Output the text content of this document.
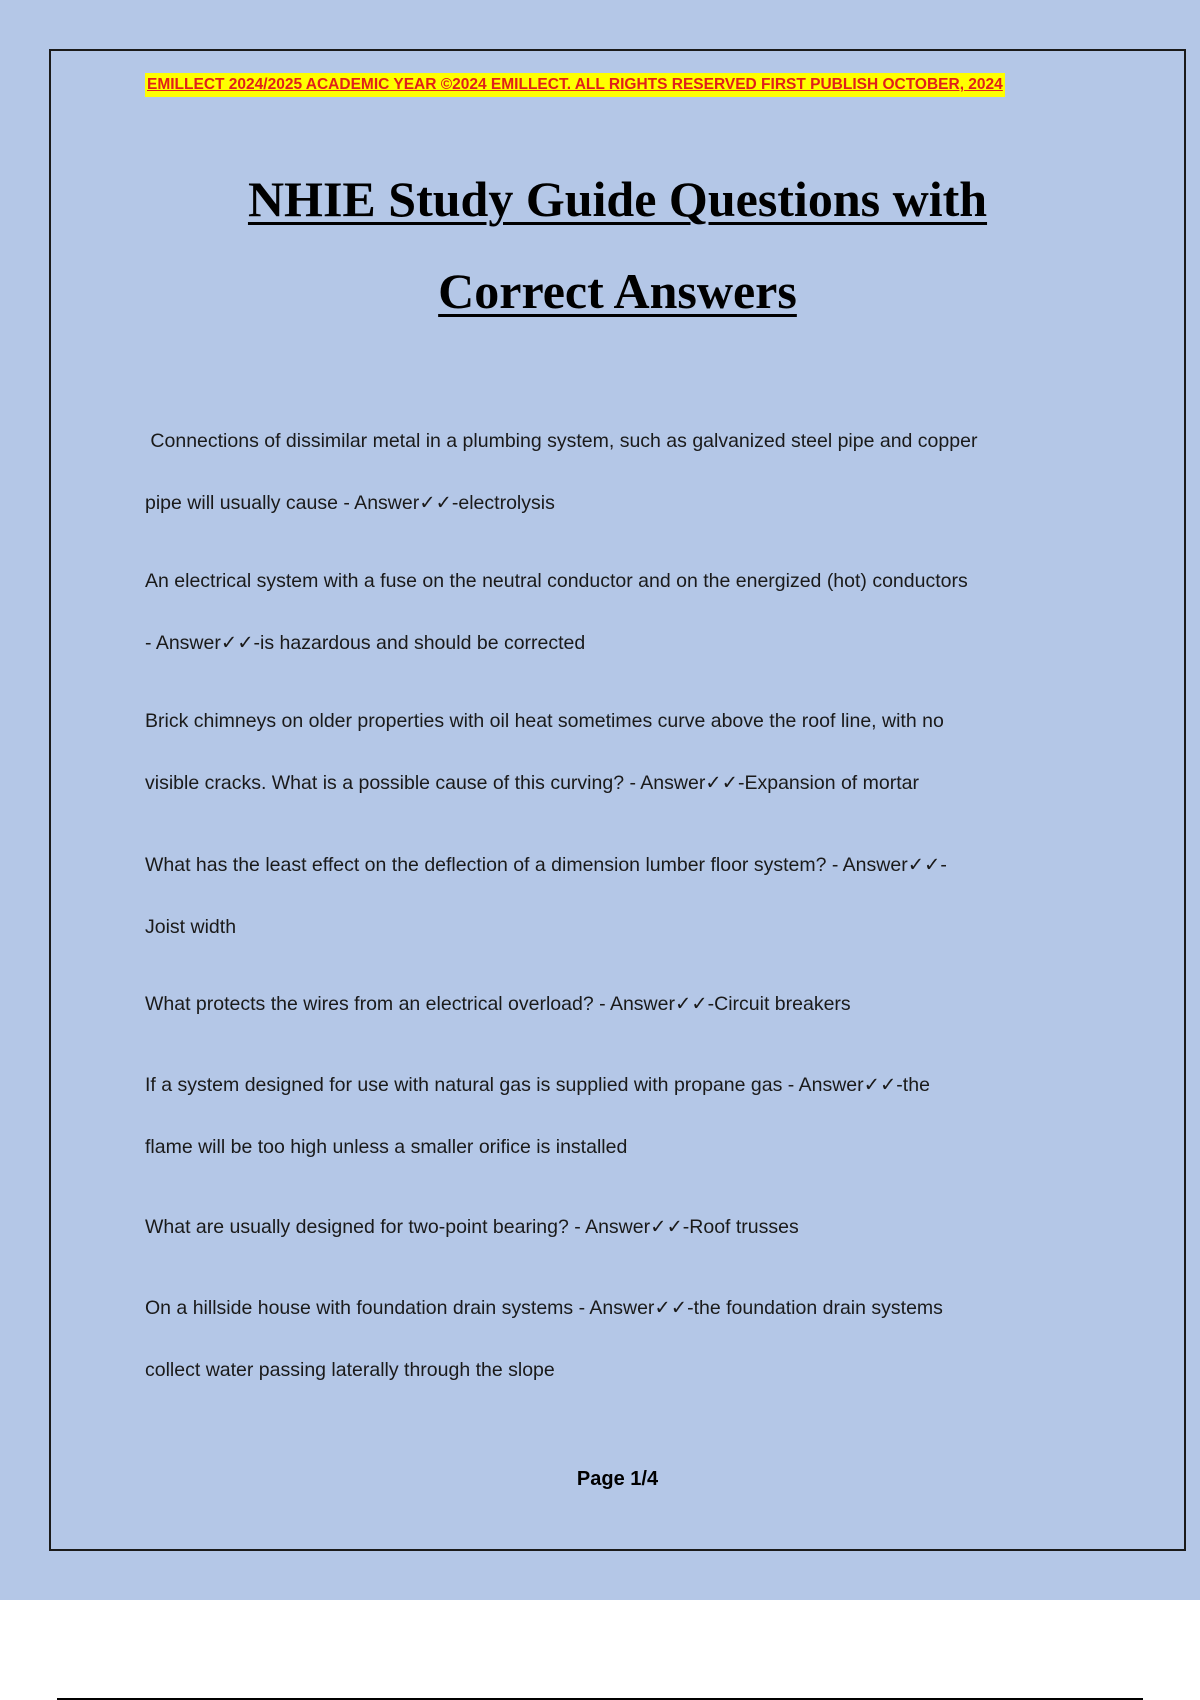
EMILLECT 2024/2025 ACADEMIC YEAR ©2024 EMILLECT. ALL RIGHTS RESERVED FIRST PUBLISH OCTOBER, 2024
NHIE Study Guide Questions with
Correct Answers
Connections of dissimilar metal in a plumbing system, such as galvanized steel pipe and copper
pipe will usually cause - Answer✓✓-electrolysis
An electrical system with a fuse on the neutral conductor and on the energized (hot) conductors
- Answer✓✓-is hazardous and should be corrected
Brick chimneys on older properties with oil heat sometimes curve above the roof line, with no
visible cracks. What is a possible cause of this curving? - Answer✓✓-Expansion of mortar
What has the least effect on the deflection of a dimension lumber floor system? - Answer✓✓-
Joist width
What protects the wires from an electrical overload? - Answer✓✓-Circuit breakers
If a system designed for use with natural gas is supplied with propane gas - Answer✓✓-the
flame will be too high unless a smaller orifice is installed
What are usually designed for two-point bearing? - Answer✓✓-Roof trusses
On a hillside house with foundation drain systems - Answer✓✓-the foundation drain systems
collect water passing laterally through the slope
Page 1/4
